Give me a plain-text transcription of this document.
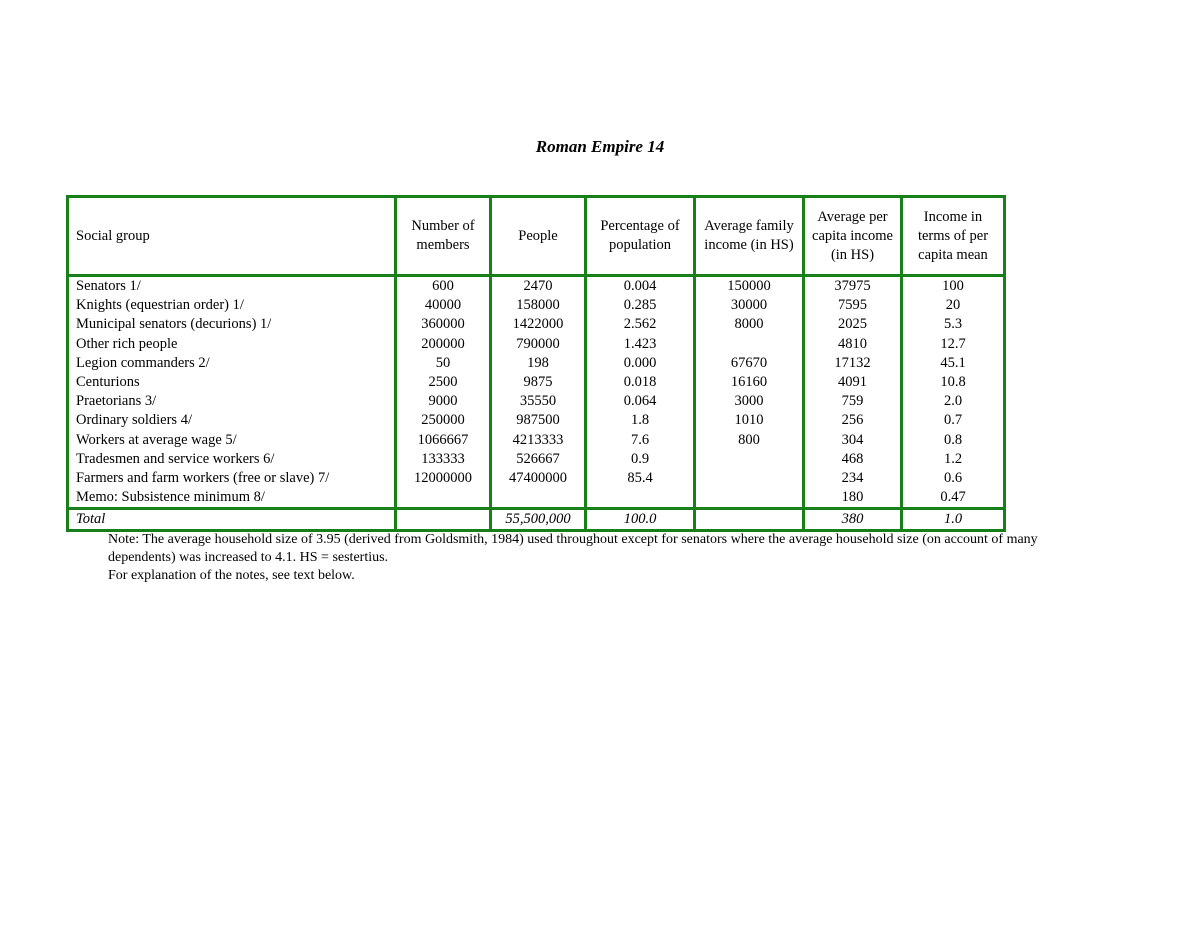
Roman Empire 14
Social group	Number of members	People	Percentage of population	Average family income (in HS)	Average per capita income (in HS)	Income in terms of per capita mean
Senators 1/	600	2470	0.004	150000	37975	100
Knights (equestrian order) 1/	40000	158000	0.285	30000	7595	20
Municipal senators (decurions) 1/	360000	1422000	2.562	8000	2025	5.3
Other rich people	200000	790000	1.423		4810	12.7
Legion commanders 2/	50	198	0.000	67670	17132	45.1
Centurions	2500	9875	0.018	16160	4091	10.8
Praetorians 3/	9000	35550	0.064	3000	759	2.0
Ordinary soldiers 4/	250000	987500	1.8	1010	256	0.7
Workers at average wage 5/	1066667	4213333	7.6	800	304	0.8
Tradesmen and service workers 6/	133333	526667	0.9		468	1.2
Farmers and farm workers (free or slave) 7/	12000000	47400000	85.4		234	0.6
Memo: Subsistence minimum 8/					180	0.47
Total		55,500,000	100.0		380	1.0

Note: The average household size of 3.95 (derived from Goldsmith, 1984) used throughout except for senators where the average household size (on account of many dependents) was increased to 4.1. HS = sestertius.

For explanation of the notes, see text below.
